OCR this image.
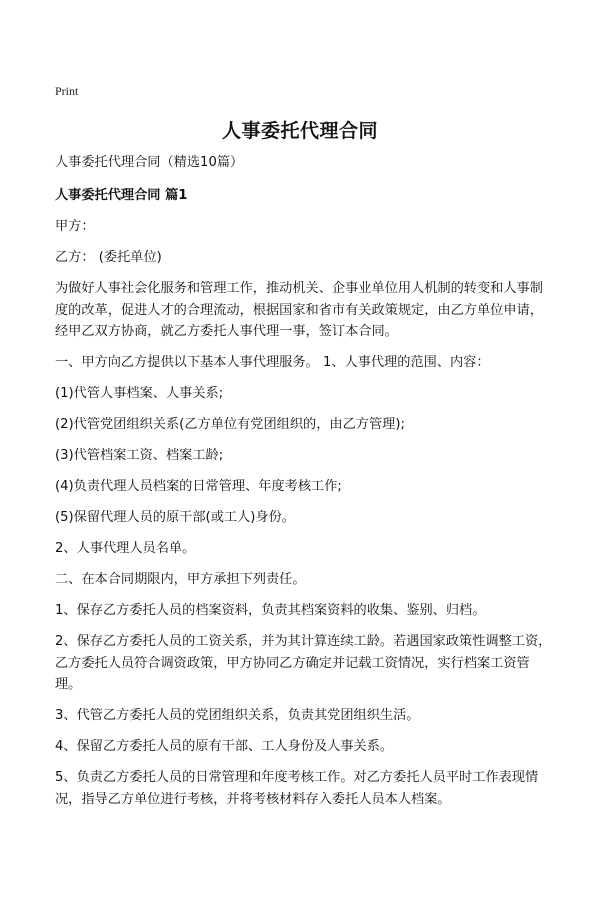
Print
人事委托代理合同

人事委托代理合同（精选10篇）

人事委托代理合同 篇1

甲方：

乙方： (委托单位)

为做好人事社会化服务和管理工作，推动机关、企事业单位用人机制的转变和人事制度的改革，促进人才的合理流动，根据国家和省市有关政策规定，由乙方单位申请，经甲乙双方协商，就乙方委托人事代理一事，签订本合同。

一、甲方向乙方提供以下基本人事代理服务。 1、人事代理的范围、内容：

(1)代管人事档案、人事关系;

(2)代管党团组织关系(乙方单位有党团组织的，由乙方管理);

(3)代管档案工资、档案工龄;

(4)负责代理人员档案的日常管理、年度考核工作;

(5)保留代理人员的原干部(或工人)身份。

2、人事代理人员名单。

二、在本合同期限内，甲方承担下列责任。

1、保存乙方委托人员的档案资料，负责其档案资料的收集、鉴别、归档。

2、保存乙方委托人员的工资关系，并为其计算连续工龄。若遇国家政策性调整工资，乙方委托人员符合调资政策，甲方协同乙方确定并记载工资情况，实行档案工资管理。

3、代管乙方委托人员的党团组织关系，负责其党团组织生活。

4、保留乙方委托人员的原有干部、工人身份及人事关系。

5、负责乙方委托人员的日常管理和年度考核工作。对乙方委托人员平时工作表现情况，指导乙方单位进行考核，并将考核材料存入委托人员本人档案。
